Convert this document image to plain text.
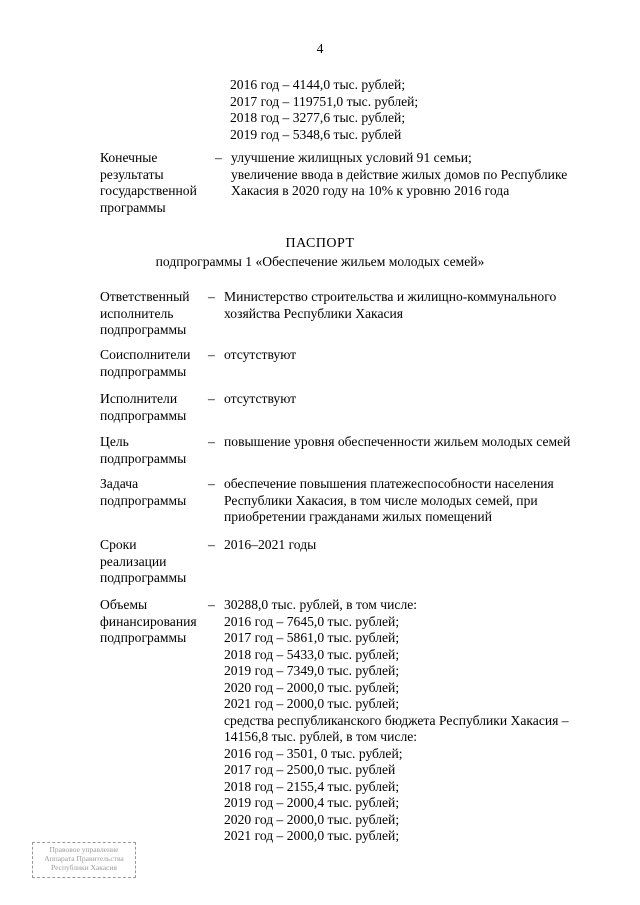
4
2016 год – 4144,0 тыс. рублей;
2017 год – 119751,0 тыс. рублей;
2018 год – 3277,6 тыс. рублей;
2019 год – 5348,6 тыс. рублей
Конечные
результаты
государственной
программы
– улучшение жилищных условий 91 семьи;
увеличение ввода в действие жилых домов по Республике
Хакасия в 2020 году на 10% к уровню 2016 года
ПАСПОРТ
подпрограммы 1 «Обеспечение жильем молодых семей»
Ответственный
исполнитель
подпрограммы
– Министерство строительства и жилищно-коммунального
хозяйства Республики Хакасия
Соисполнители
подпрограммы
– отсутствуют
Исполнители
подпрограммы
– отсутствуют
Цель
подпрограммы
– повышение уровня обеспеченности жильем молодых семей
Задача
подпрограммы
– обеспечение повышения платежеспособности населения
Республики Хакасия, в том числе молодых семей, при
приобретении гражданами жилых помещений
Сроки
реализации
подпрограммы
– 2016–2021 годы
Объемы
финансирования
подпрограммы
– 30288,0 тыс. рублей, в том числе:
2016 год – 7645,0 тыс. рублей;
2017 год – 5861,0 тыс. рублей;
2018 год – 5433,0 тыс. рублей;
2019 год – 7349,0 тыс. рублей;
2020 год – 2000,0 тыс. рублей;
2021 год – 2000,0 тыс. рублей;
средства республиканского бюджета Республики Хакасия –
14156,8 тыс. рублей, в том числе:
2016 год – 3501, 0 тыс. рублей;
2017 год – 2500,0 тыс. рублей
2018 год – 2155,4 тыс. рублей;
2019 год – 2000,4 тыс. рублей;
2020 год – 2000,0 тыс. рублей;
2021 год – 2000,0 тыс. рублей;
Правовое управление
Аппарата Правительства
Республики Хакасия
